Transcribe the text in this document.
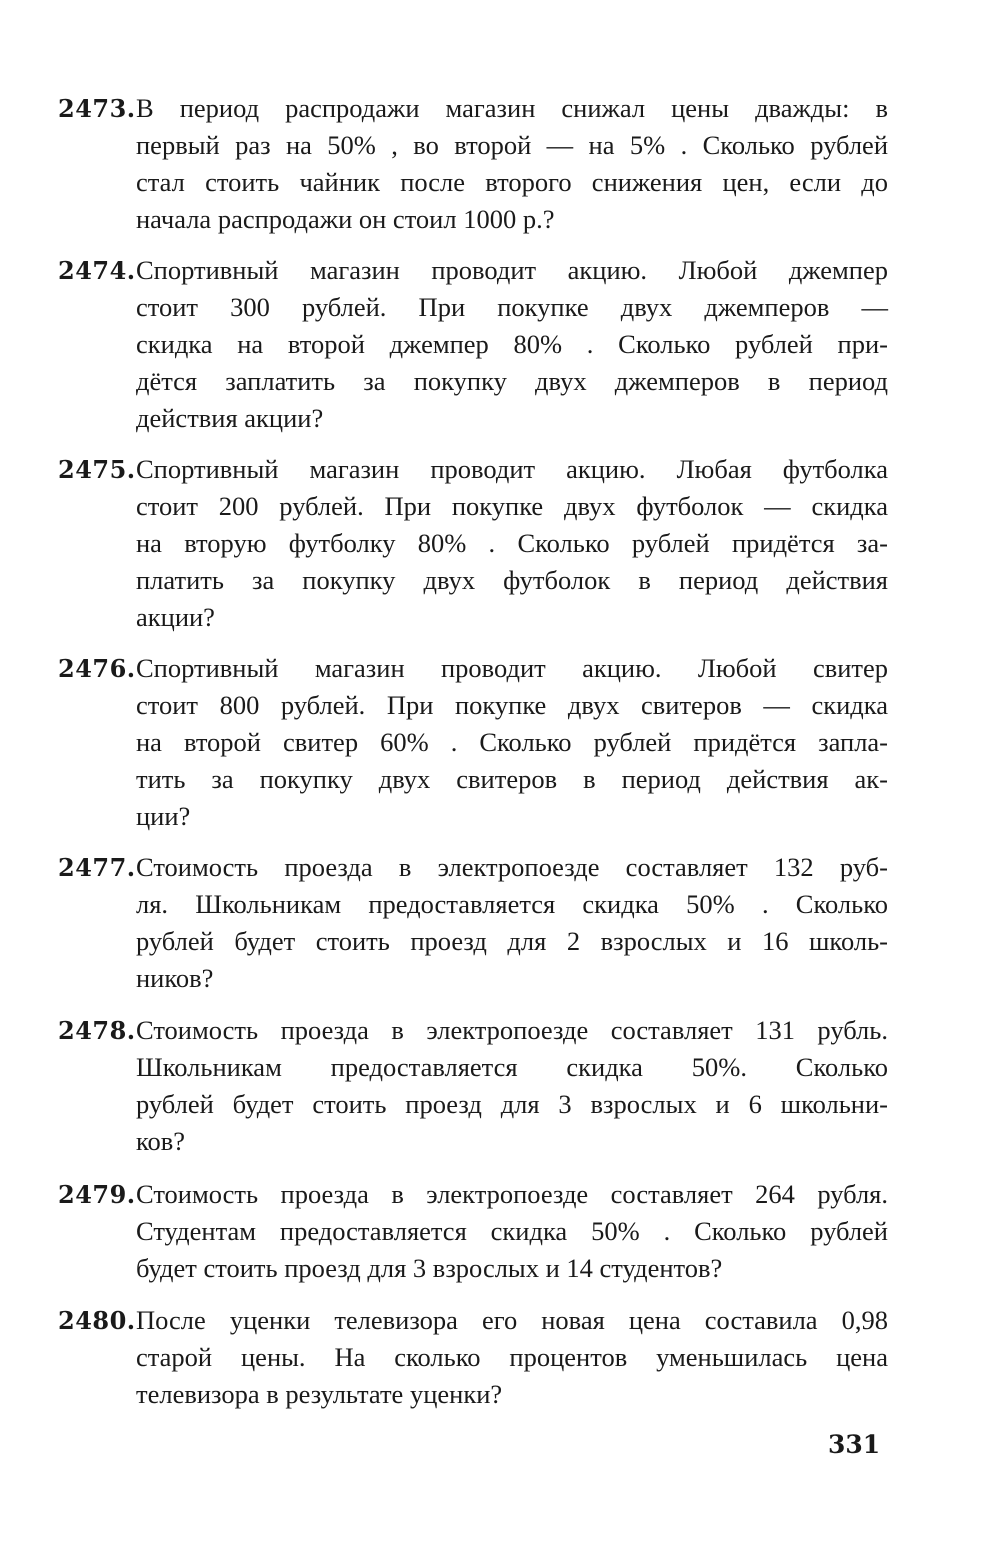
2473. В период распродажи магазин снижал цены дважды: в
первый раз на 50% , во второй — на 5% . Сколько рублей
стал стоить чайник после второго снижения цен, если до
начала распродажи он стоил 1000 р.?
2474. Спортивный магазин проводит акцию. Любой джемпер
стоит 300 рублей. При покупке двух джемперов —
скидка на второй джемпер 80% . Сколько рублей при-
дётся заплатить за покупку двух джемперов в период
действия акции?
2475. Спортивный магазин проводит акцию. Любая футболка
стоит 200 рублей. При покупке двух футболок — скидка
на вторую футболку 80% . Сколько рублей придётся за-
платить за покупку двух футболок в период действия
акции?
2476. Спортивный магазин проводит акцию. Любой свитер
стоит 800 рублей. При покупке двух свитеров — скидка
на второй свитер 60% . Сколько рублей придётся запла-
тить за покупку двух свитеров в период действия ак-
ции?
2477. Стоимость проезда в электропоезде составляет 132 руб-
ля. Школьникам предоставляется скидка 50% . Сколько
рублей будет стоить проезд для 2 взрослых и 16 школь-
ников?
2478. Стоимость проезда в электропоезде составляет 131 рубль.
Школьникам предоставляется скидка 50%. Сколько
рублей будет стоить проезд для 3 взрослых и 6 школьни-
ков?
2479. Стоимость проезда в электропоезде составляет 264 рубля.
Студентам предоставляется скидка 50% . Сколько рублей
будет стоить проезд для 3 взрослых и 14 студентов?
2480. После уценки телевизора его новая цена составила 0,98
старой цены. На сколько процентов уменьшилась цена
телевизора в результате уценки?
331
